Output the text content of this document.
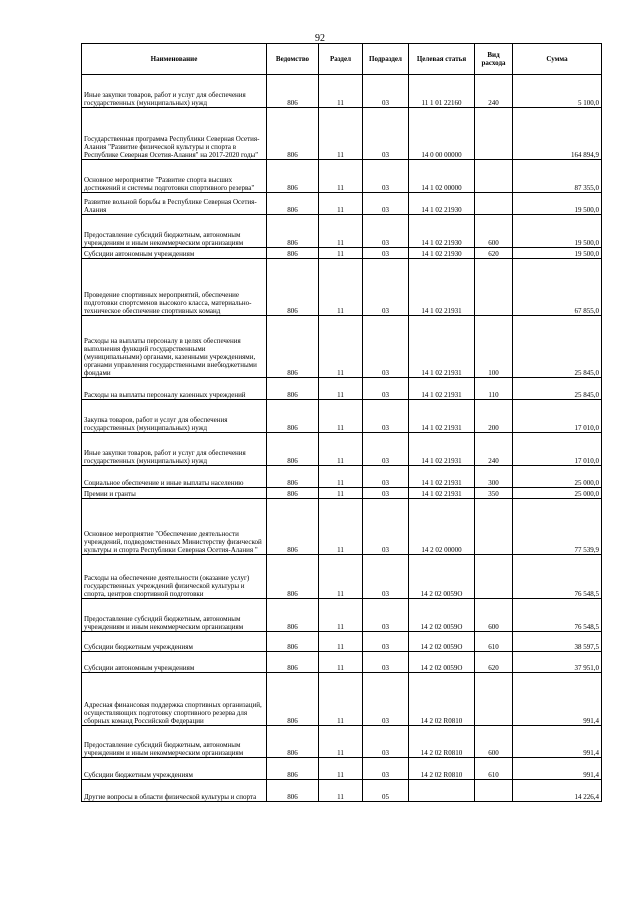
92
Наименование	Ведомство	Раздел	Подраздел	Целевая статья	Вид расхода	Сумма
Иные закупки товаров, работ и услуг для обеспечения государственных (муниципальных) нужд	806	11	03	11 1 01 22160	240	5 100,0
Государственная программа Республики Северная Осетия-Алания "Развитие физической культуры и спорта в Республике Северная Осетия-Алания" на 2017-2020 годы"	806	11	03	14 0 00 00000		164 894,9
Основное мероприятие "Развитие спорта высших достижений и системы подготовки спортивного резерва"	806	11	03	14 1 02 00000		87 355,0
Развитие вольной борьбы в Республике Северная Осетия-Алания	806	11	03	14 1 02 21930		19 500,0
Предоставление субсидий бюджетным, автономным учреждениям и иным некоммерческим организациям	806	11	03	14 1 02 21930	600	19 500,0
Субсидии автономным учреждениям	806	11	03	14 1 02 21930	620	19 500,0
Проведение спортивных мероприятий, обеспечение подготовки спортсменов высокого класса, материально-техническое обеспечение спортивных команд	806	11	03	14 1 02 21931		67 855,0
Расходы на выплаты персоналу в целях обеспечения выполнения функций государственными (муниципальными) органами, казенными учреждениями, органами управления государственными внебюджетными фондами	806	11	03	14 1 02 21931	100	25 845,0
Расходы на выплаты персоналу казенных учреждений	806	11	03	14 1 02 21931	110	25 845,0
Закупка товаров, работ и услуг для обеспечения государственных (муниципальных) нужд	806	11	03	14 1 02 21931	200	17 010,0
Иные закупки товаров, работ и услуг для обеспечения государственных (муниципальных) нужд	806	11	03	14 1 02 21931	240	17 010,0
Социальное обеспечение и иные выплаты населению	806	11	03	14 1 02 21931	300	25 000,0
Премии и гранты	806	11	03	14 1 02 21931	350	25 000,0
Основное мероприятие "Обеспечение деятельности учреждений, подведомственных Министерству физической культуры и спорта Республики Северная Осетия-Алания "	806	11	03	14 2 02 00000		77 539,9
Расходы на обеспечение деятельности (оказание услуг) государственных учреждений физической культуры и спорта, центров спортивной подготовки	806	11	03	14 2 02 0059О		76 548,5
Предоставление субсидий бюджетным, автономным учреждениям и иным некоммерческим организациям	806	11	03	14 2 02 0059О	600	76 548,5
Субсидии бюджетным учреждениям	806	11	03	14 2 02 0059О	610	38 597,5
Субсидии автономным учреждениям	806	11	03	14 2 02 0059О	620	37 951,0
Адресная финансовая поддержка спортивных организаций, осуществляющих подготовку спортивного резерва для сборных команд Российской Федерации	806	11	03	14 2 02 R0810		991,4
Предоставление субсидий бюджетным, автономным учреждениям и иным некоммерческим организациям	806	11	03	14 2 02 R0810	600	991,4
Субсидии бюджетным учреждениям	806	11	03	14 2 02 R0810	610	991,4
Другие вопросы в области физической культуры и спорта	806	11	05			14 226,4
